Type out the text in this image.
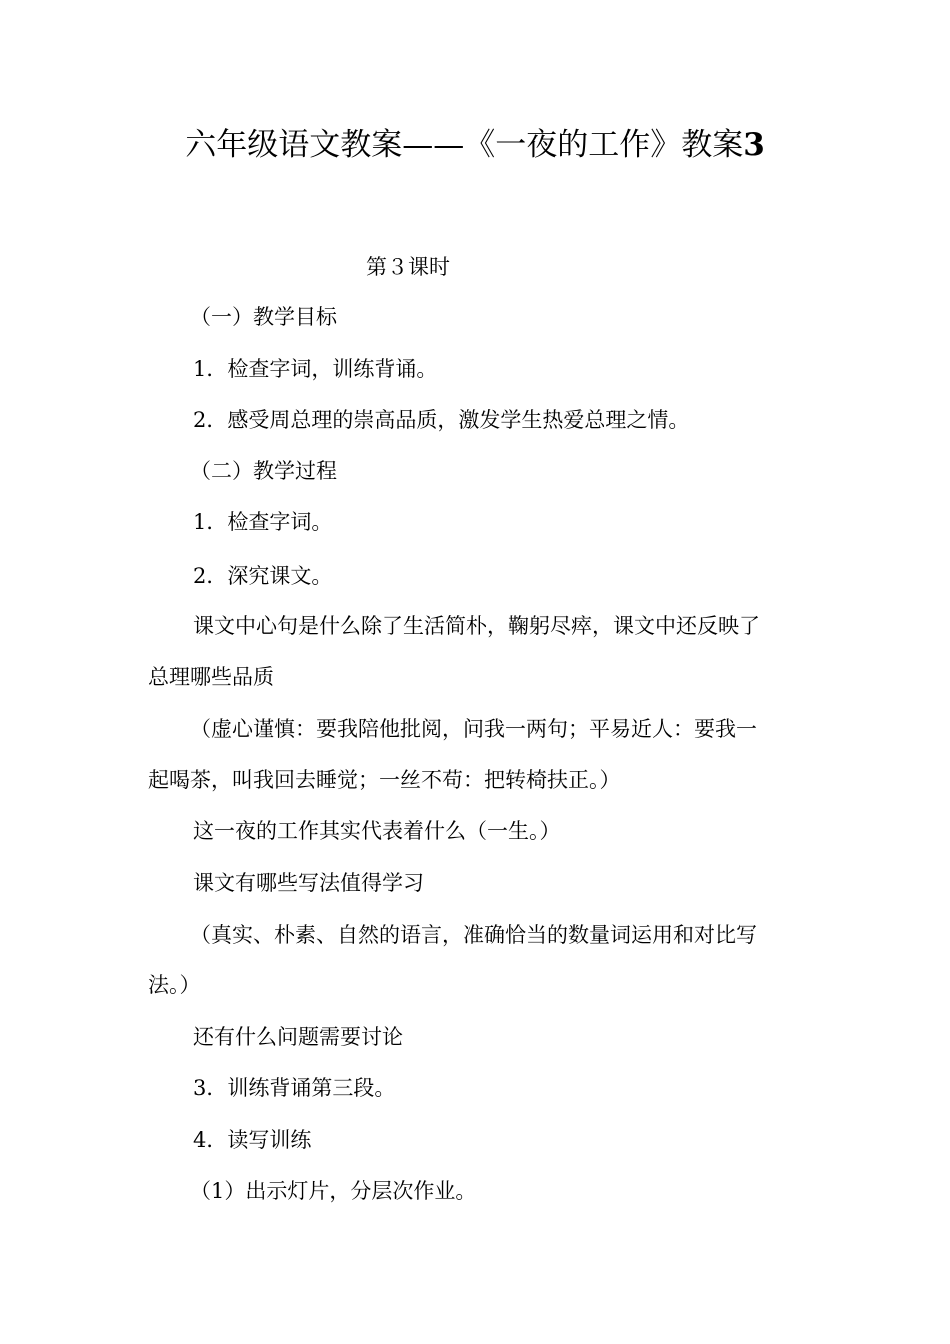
六年级语文教案——《一夜的工作》教案3

第３课时

（一）教学目标

1．检查字词，训练背诵。

2．感受周总理的崇高品质，激发学生热爱总理之情。

（二）教学过程

1．检查字词。

2．深究课文。

课文中心句是什么除了生活简朴，鞠躬尽瘁，课文中还反映了

总理哪些品质

（虚心谨慎：要我陪他批阅，问我一两句；平易近人：要我一

起喝茶，叫我回去睡觉；一丝不苟：把转椅扶正。）

这一夜的工作其实代表着什么（一生。）

课文有哪些写法值得学习

（真实、朴素、自然的语言，准确恰当的数量词运用和对比写

法。）

还有什么问题需要讨论

3．训练背诵第三段。

4．读写训练

（1）出示灯片，分层次作业。
